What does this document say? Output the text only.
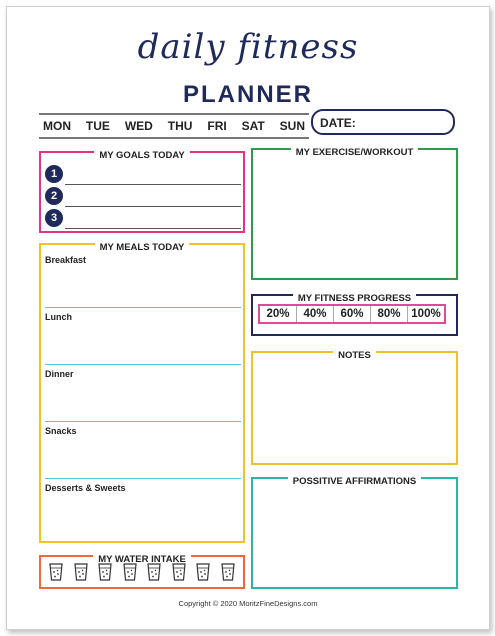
daily fitness
PLANNER
MON TUE WED THU FRI SAT SUN DATE:
MY GOALS TODAY
1
2
3
MY MEALS TODAY
Breakfast
Lunch
Dinner
Snacks
Desserts & Sweets
MY WATER INTAKE
MY EXERCISE/WORKOUT
MY FITNESS PROGRESS
20%	40%	60%	80% 100%
NOTES
POSSITIVE AFFIRMATIONS
Copyright © 2020 MoritzFineDesigns.com
